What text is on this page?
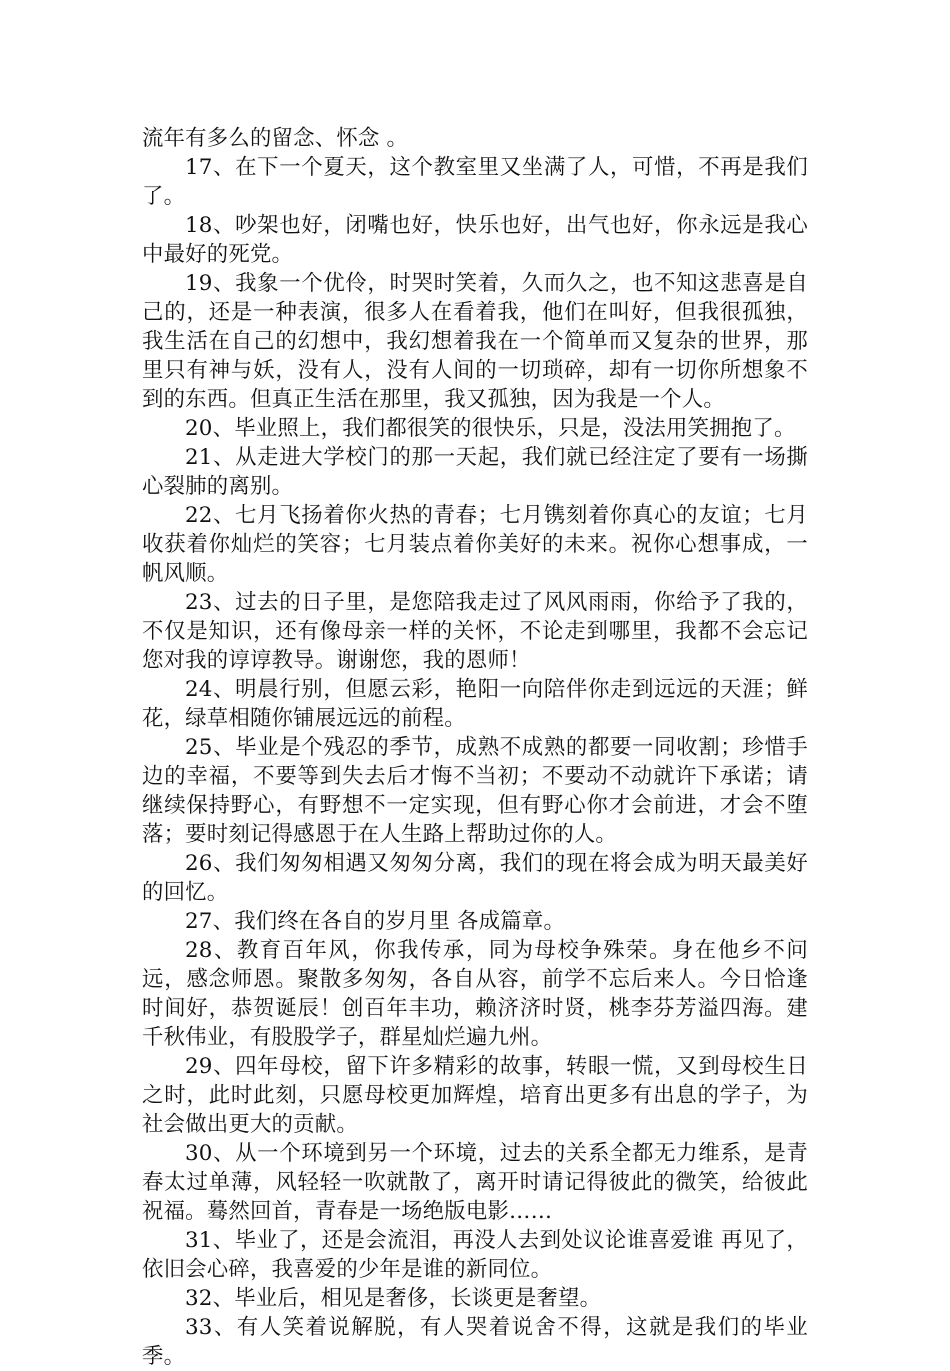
流年有多么的留念、怀念 。

17、在下一个夏天，这个教室里又坐满了人，可惜，不再是我们了。

18、吵架也好，闭嘴也好，快乐也好，出气也好，你永远是我心中最好的死党。

19、我象一个优伶，时哭时笑着，久而久之，也不知这悲喜是自己的，还是一种表演，很多人在看着我，他们在叫好，但我很孤独，我生活在自己的幻想中，我幻想着我在一个简单而又复杂的世界，那里只有神与妖，没有人，没有人间的一切琐碎，却有一切你所想象不到的东西。但真正生活在那里，我又孤独，因为我是一个人。

20、毕业照上，我们都很笑的很快乐，只是，没法用笑拥抱了。

21、从走进大学校门的那一天起，我们就已经注定了要有一场撕心裂肺的离别。

22、七月飞扬着你火热的青春；七月镌刻着你真心的友谊；七月收获着你灿烂的笑容；七月装点着你美好的未来。祝你心想事成，一帆风顺。

23、过去的日子里，是您陪我走过了风风雨雨，你给予了我的，不仅是知识，还有像母亲一样的关怀，不论走到哪里，我都不会忘记您对我的谆谆教导。谢谢您，我的恩师！

24、明晨行别，但愿云彩，艳阳一向陪伴你走到远远的天涯；鲜花，绿草相随你铺展远远的前程。

25、毕业是个残忍的季节，成熟不成熟的都要一同收割；珍惜手边的幸福，不要等到失去后才悔不当初；不要动不动就许下承诺；请继续保持野心，有野想不一定实现，但有野心你才会前进，才会不堕落；要时刻记得感恩于在人生路上帮助过你的人。

26、我们匆匆相遇又匆匆分离，我们的现在将会成为明天最美好的回忆。

27、我们终在各自的岁月里 各成篇章。

28、教育百年风，你我传承，同为母校争殊荣。身在他乡不问远，感念师恩。聚散多匆匆，各自从容，前学不忘后来人。今日恰逢时间好，恭贺诞辰！创百年丰功，赖济济时贤，桃李芬芳溢四海。建千秋伟业，有股股学子，群星灿烂遍九州。

29、四年母校，留下许多精彩的故事，转眼一慌，又到母校生日之时，此时此刻，只愿母校更加辉煌，培育出更多有出息的学子，为社会做出更大的贡献。

30、从一个环境到另一个环境，过去的关系全都无力维系，是青春太过单薄，风轻轻一吹就散了，离开时请记得彼此的微笑，给彼此祝福。蓦然回首，青春是一场绝版电影……

31、毕业了，还是会流泪，再没人去到处议论谁喜爱谁 再见了，依旧会心碎，我喜爱的少年是谁的新同位。

32、毕业后，相见是奢侈，长谈更是奢望。

33、有人笑着说解脱，有人哭着说舍不得，这就是我们的毕业季。
